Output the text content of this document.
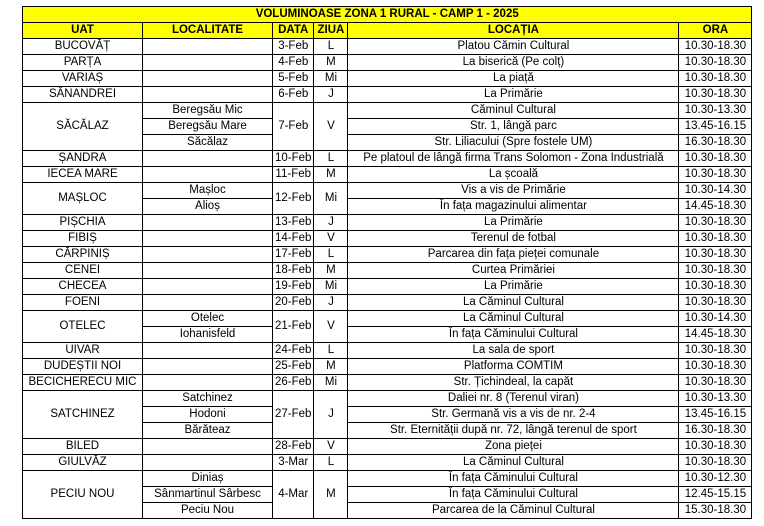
VOLUMINOASE ZONA 1 RURAL - CAMP 1 - 2025					
UAT	LOCALITATE	DATA	ZIUA	LOCAȚIA	ORA
BUCOVĂȚ		3-Feb	L	Platou Cămin Cultural	10.30-18.30
PARȚA		4-Feb	M	La biserică (Pe colț)	10.30-18.30
VARIAȘ		5-Feb	Mi	La piață	10.30-18.30
SÂNANDREI		6-Feb	J	La Primărie	10.30-18.30
SĂCĂLAZ	Beregsău Mic	7-Feb	V	Căminul Cultural	10.30-13.30
	Beregsău Mare			Str. 1, lângă parc	13.45-16.15
	Săcălaz			Str. Liliacului (Spre fostele UM)	16.30-18.30
ȘANDRA		10-Feb	L	Pe platoul de lângă firma Trans Solomon - Zona Industrială	10.30-18.30
IECEA MARE		11-Feb	M	La școală	10.30-18.30
MAȘLOC	Mașloc	12-Feb	Mi	Vis a vis de Primărie	10.30-14.30
	Alioș			În fața magazinului alimentar	14.45-18.30
PIȘCHIA		13-Feb	J	La Primărie	10.30-18.30
FIBIȘ		14-Feb	V	Terenul de fotbal	10.30-18.30
CĂRPINIȘ		17-Feb	L	Parcarea din fața pieței comunale	10.30-18.30
CENEI		18-Feb	M	Curtea Primăriei	10.30-18.30
CHECEA		19-Feb	Mi	La Primărie	10.30-18.30
FOENI		20-Feb	J	La Căminul Cultural	10.30-18.30
OTELEC	Otelec	21-Feb	V	La Căminul Cultural	10.30-14.30
	Iohanisfeld			În fața Căminului Cultural	14.45-18.30
UIVAR		24-Feb	L	La sala de sport	10.30-18.30
DUDEȘTII NOI		25-Feb	M	Platforma COMTIM	10.30-18.30
BECICHERECU MIC		26-Feb	Mi	Str. Țichindeal, la capăt	10.30-18.30
SATCHINEZ	Satchinez	27-Feb	J	Daliei nr. 8 (Terenul viran)	10.30-13.30
	Hodoni			Str. Germană vis a vis de nr. 2-4	13.45-16.15
	Bărăteaz			Str. Eternității după nr. 72, lângă terenul de sport	16.30-18.30
BILED		28-Feb	V	Zona pieței	10.30-18.30
GIULVĂZ		3-Mar	L	La Căminul Cultural	10.30-18.30
PECIU NOU	Diniaș	4-Mar	M	În fața Căminului Cultural	10.30-12.30
	Sânmartinul Sârbesc			În fața Căminului Cultural	12.45-15.15
	Peciu Nou			Parcarea de la Căminul Cultural	15.30-18.30
